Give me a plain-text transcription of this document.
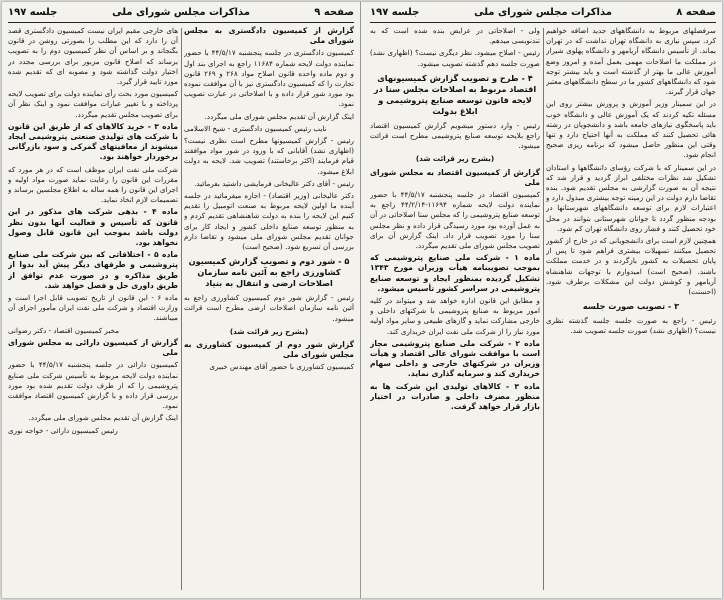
صفحه ۹
مذاکرات مجلس شورای ملی
جلسه ۱۹۷

گزارش از کمیسیون دادگستری به مجلس شورای ملی

کمیسیون دادگستری در جلسه پنجشنبه ۴۴/۵/۱۷ با حضور نماینده دولت لایحه شماره ۱۱۶۸۴ راجع به اجرای بند اول و دوم ماده واحده قانون اصلاح مواد ۲۶۸ و ۲۶۹ قانون تجارت را که کمیسیون دادگستری نیز با آن موافقت نموده بود مورد شور قرار داده و با اصلاحاتی در عبارت تصویب نمود.

اینک گزارش آن تقدیم مجلس شورای ملی میگردد.

نایب رئیس کمیسیون دادگستری - شیخ الاسلامی

رئیس - گزارش کمیسیونها مطرح است نظری نیست؟ (اظهاری نشد) آقایانی که با ورود در شور مواد موافقند قیام فرمایند (اکثر برخاستند) تصویب شد. لایحه به دولت ابلاغ میشود.

رئیس - آقای دکتر عالیخانی فرمایشی داشتید بفرمائید.

دکتر عالیخانی (وزیر اقتصاد) - اجازه میفرمائید در جلسه آینده ما اولین لایحه مربوط به صنعت اتومبیل را تقدیم کنیم این لایحه را بنده به دولت شاهنشاهی تقدیم کردم و به منظور توسعه صنایع داخلی کشور و ایجاد کار برای جوانان تقدیم مجلس شورای ملی میشود و تقاضا دارم بررسی آن تسریع شود. (صحیح است)

۵ - شور دوم و تصویب گزارش کمیسیون کشاورزی راجع به آئین نامه سازمان اصلاحات ارضی و انتقال به بنیاد

رئیس - گزارش شور دوم کمیسیون کشاورزی راجع به آئین نامه سازمان اصلاحات ارضی مطرح است قرائت میشود.

(بشرح زیر قرائت شد)

گزارش شور دوم از کمیسیون کشاورزی به مجلس شورای ملی

کمیسیون کشاورزی با حضور آقای مهندس خبیری

های خارجی مقیم ایران نیست کمیسیون دادگستری قصد آن را دارد که این مطلب را بصورتی روشن در قانون بگنجاند و بر اساس آن نظر کمیسیون دوم را به تصویب برساند که اصلاح قانون مزبور برای بررسی مجدد در اختیار دولت گذاشته شود و مصوبه ای که تقدیم شده مورد تایید قرار گیرد.

کمیسیون مورد بحث رأی نماینده دولت برای تصویب لایحه پرداخته و با تغییر عبارات موافقت نمود و اینک نظر آن برای تصویب مجلس تقدیم میگردد.

ماده ۳ - خرید کالاهای که از طریق این قانون با شرکت های تولیدی صنعتی پتروشیمی ایجاد میشوند از معافیتهای گمرکی و سود بازرگانی برخوردار خواهند بود.

شرکت ملی نفت ایران موظف است که در هر مورد که مقررات این قانون را رعایت نماید صورت مواد اولیه و اجرای این قانون را همه ساله به اطلاع مجلسین برساند و تصمیمات لازم اتخاذ نماید.

ماده ۴ - بدهی شرکت های مذکور در این قانون که تأسیس و فعالیت آنها بدون نظر دولت باشد بموجب این قانون قابل وصول نخواهد بود.

ماده ۵ - اختلافاتی که بین شرکت ملی صنایع پتروشیمی و طرفهای دیگر پیش آید بدوا از طریق مذاکره و در صورت عدم توافق از طریق داوری حل و فصل خواهد شد.

ماده ۶ - این قانون از تاریخ تصویب قابل اجرا است و وزارت اقتصاد و شرکت ملی نفت ایران مأمور اجرای آن میباشند.

مخبر کمیسیون اقتصاد - دکتر رضوانی

گزارش از کمیسیون دارائی به مجلس شورای ملی

کمیسیون دارائی در جلسه پنجشنبه ۴۴/۵/۱۷ با حضور نماینده دولت لایحه مربوط به تأسیس شرکت ملی صنایع پتروشیمی را که از طرف دولت تقدیم شده بود مورد بررسی قرار داده و با گزارش کمیسیون اقتصاد موافقت نمود.

اینک گزارش آن تقدیم مجلس شورای ملی میگردد.

رئیس کمیسیون دارائی - خواجه نوری

صفحه ۸
مذاکرات مجلس شورای ملی
جلسه ۱۹۷

سرفصلهای مربوط به دانشگاههای جدید اضافه خواهیم کرد. سپس نیازی به دانشگاه تهران نداشت که در تهران بماند. از تأسیس دانشگاه آریامهر و دانشگاه پهلوی شیراز در مملکت ما اصلاحات مهمی بعمل آمده و امروز وضع آموزش عالی ما بهتر از گذشته است و باید بیشتر توجه شود که دانشگاههای کشور ما در سطح دانشگاههای معتبر جهان قرار گیرند.

در این سمینار وزیر آموزش و پرورش بیشتر روی این مسئله تکیه کردند که یک آموزش عالی و دانشگاه خوب باید پاسخگوی نیازهای جامعه باشد و دانشجویان در رشته هائی تحصیل کنند که مملکت به آنها احتیاج دارد و تنها وقتی این منظور حاصل میشود که برنامه ریزی صحیح انجام شود.

در این سمینار که با شرکت رؤسای دانشگاهها و استادان تشکیل شد نظرات مختلفی ابراز گردید و قرار شد که نتیجه آن به صورت گزارشی به مجلس تقدیم شود. بنده تقاضا دارم دولت در این زمینه توجه بیشتری مبذول دارد و اعتبارات لازم برای توسعه دانشگاههای شهرستانها در بودجه منظور گردد تا جوانان شهرستانی بتوانند در محل خود تحصیل کنند و فشار روی دانشگاه تهران کم شود.

همچنین لازم است برای دانشجویانی که در خارج از کشور تحصیل میکنند تسهیلات بیشتری فراهم شود تا پس از پایان تحصیلات به کشور بازگردند و در خدمت مملکت باشند. (صحیح است) امیدوارم با توجهات شاهنشاه آریامهر و کوشش دولت این مشکلات برطرف شود. (احسنت)

۳ - تصویب صورت جلسه

رئیس - راجع به صورت جلسه جلسه گذشته نظری نیست؟ (اظهاری نشد) صورت جلسه تصویب شد.

ولی - اصلاحاتی در عرایض بنده شده است که به تندنویسی میدهم.

رئیس - اصلاح میشود. نظر دیگری نیست؟ (اظهاری نشد) صورت جلسه دهم گذشته تصویب میشود.

۴ - طرح و تصویب گزارش کمیسیونهای اقتصاد مربوط به اصلاحات مجلس سنا در لایحه قانون توسعه صنایع پتروشیمی و ابلاغ بدولت

رئیس - وارد دستور میشویم گزارش کمیسیون اقتصاد راجع بلایحه توسعه صنایع پتروشیمی مطرح است قرائت میشود.

(بشرح زیر قرائت شد)

گزارش از کمیسیون اقتصاد به مجلس شورای ملی

کمیسیون اقتصاد در جلسه پنجشنبه ۴۴/۵/۱۷ با حضور نماینده دولت لایحه شماره ۱۱۶۹۴-۴۴/۲/۱۴ راجع به توسعه صنایع پتروشیمی را که مجلس سنا اصلاحاتی در آن به عمل آورده بود مورد رسیدگی قرار داده و نظر مجلس سنا را مورد تصویب قرار داد. اینک گزارش آن برای تصویب مجلس شورای ملی تقدیم میگردد.

ماده ۱ - شرکت ملی صنایع پتروشیمی که بموجب تصویبنامه هیأت وزیران مورخ ۱۳۴۳ تشکیل گردیده بمنظور ایجاد و توسعه صنایع پتروشیمی در سراسر کشور تأسیس میشود.

و مطابق این قانون اداره خواهد شد و میتواند در کلیه امور مربوط به صنایع پتروشیمی با شرکتهای داخلی و خارجی مشارکت نماید و گازهای طبیعی و سایر مواد اولیه مورد نیاز را از شرکت ملی نفت ایران خریداری کند.

ماده ۲ - شرکت ملی صنایع پتروشیمی مجاز است با موافقت شورای عالی اقتصاد و هیأت وزیران در شرکتهای خارجی و داخلی سهام خریداری کند و سرمایه گذاری نماید.

ماده ۳ - کالاهای تولیدی این شرکت ها به منظور مصرف داخلی و صادرات در اختیار بازار قرار خواهد گرفت.
